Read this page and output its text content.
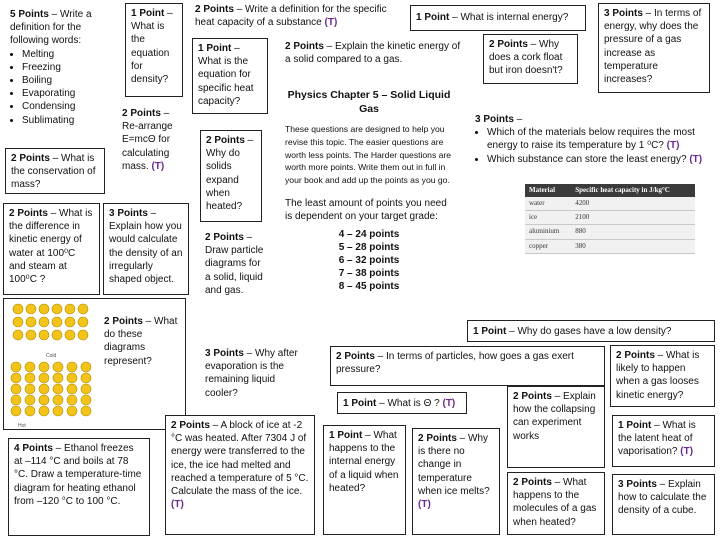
5 Points – Write a definition for the following words:
• Melting
• Freezing
• Boiling
• Evaporating
• Condensing
• Sublimating
1 Point – What is the equation for density?
2 Points – Write a definition for the specific heat capacity of a substance (T)	1 Point – What is internal energy?	3 Points – In terms of energy, why does the pressure of a gas increase as temperature increases?
1 Point – What is the equation for specific heat capacity?
2 Points – Explain the kinetic energy of a solid compared to a gas.
2 Points – Why does a cork float but iron doesn't?
2 Points – Re-arrange E=mcΘ for calculating mass. (T)
2 Points – What is the conservation of mass?
2 Points – Why do solids expand when heated?
Physics Chapter 5 – Solid Liquid Gas
These questions are designed to help you revise this topic. The easier questions are worth less points. The Harder questions are worth more points. Write them out in full in your book and add up the points as you go.
The least amount of points you need is dependent on your target grade:
4 – 24 points
5 – 28 points
6 – 32 points
7 – 38 points
8 – 45 points
3 Points –
• Which of the materials below requires the most energy to raise its temperature by 1 ⁰C? (T)
• Which substance can store the least energy? (T)
Material	Specific heat capacity in J/kg°C
water	4200
ice	2100
aluminium	880
copper	380
2 Points – What is the difference in kinetic energy of water at 100⁰C and steam at 100⁰C ?
3 Points – Explain how you would calculate the density of an irregularly shaped object.
2 Points – Draw particle diagrams for a solid, liquid and gas.
2 Points – What do these diagrams represent?
Cold
Hot
1 Point – Why do gases have a low density?
3 Points – Why after evaporation is the remaining liquid cooler?
2 Points – In terms of particles, how goes a gas exert pressure?
2 Points – What is likely to happen when a gas looses kinetic energy?
1 Point – What is Θ ? (T)
2 Points – Explain how the collapsing can experiment works
2 Points – A block of ice at -2 °C was heated. After 7304 J of energy were transferred to the ice, the ice had melted and reached a temperature of 5 °C. Calculate the mass of the ice. (T)
4 Points – Ethanol freezes at –114 °C and boils at 78 °C. Draw a temperature-time diagram for heating ethanol from –120 °C to 100 °C.
1 Point – What happens to the internal energy of a liquid when heated?
2 Points – Why is there no change in temperature when ice melts? (T)
2 Points – What happens to the molecules of a gas when heated?
1 Point – What is the latent heat of vaporisation? (T)
3 Points – Explain how to calculate the density of a cube.
